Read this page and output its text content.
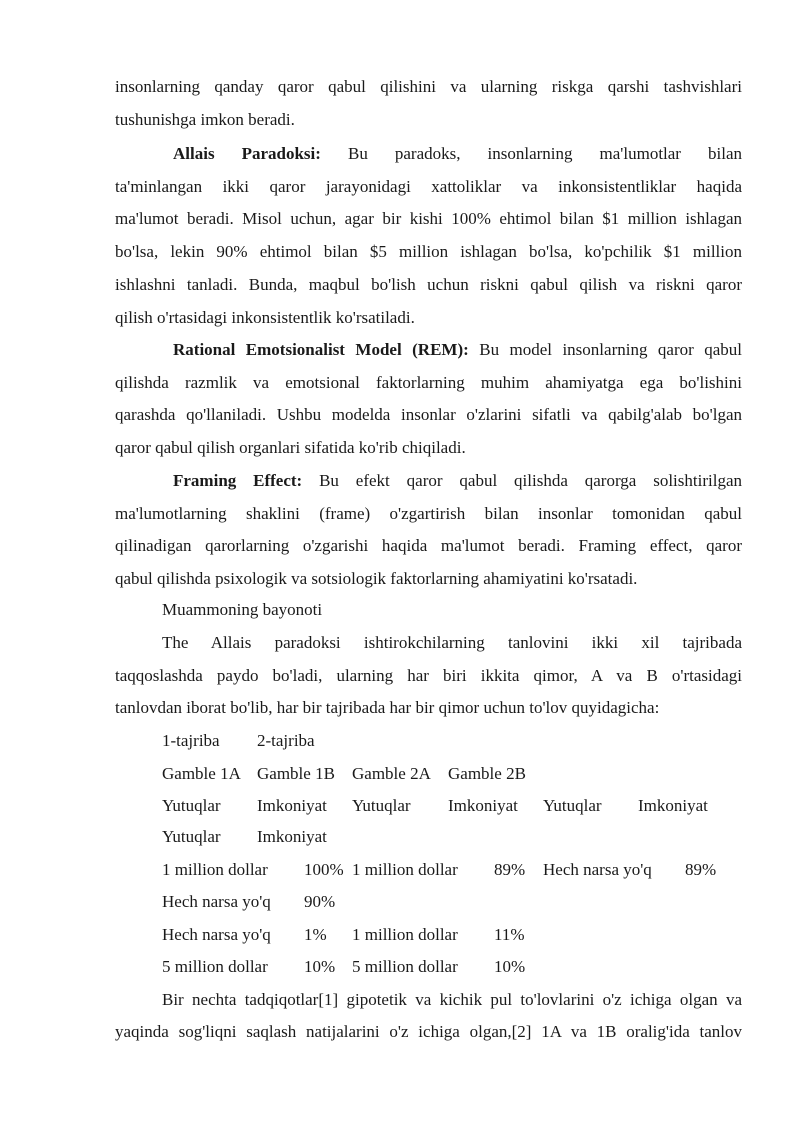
insonlarning qanday qaror qabul qilishini va ularning riskga qarshi tashvishlari
tushunishga imkon beradi.
Allais Paradoksi: Bu paradoks, insonlarning ma'lumotlar bilan
ta'minlangan ikki qaror jarayonidagi xattoliklar va inkonsistentliklar haqida
ma'lumot beradi. Misol uchun, agar bir kishi 100% ehtimol bilan $1 million ishlagan
bo'lsa, lekin 90% ehtimol bilan $5 million ishlagan bo'lsa, ko'pchilik $1 million
ishlashni tanladi. Bunda, maqbul bo'lish uchun riskni qabul qilish va riskni qaror
qilish o'rtasidagi inkonsistentlik ko'rsatiladi.
Rational Emotsionalist Model (REM): Bu model insonlarning qaror qabul
qilishda razmlik va emotsional faktorlarning muhim ahamiyatga ega bo'lishini
qarashda qo'llaniladi. Ushbu modelda insonlar o'zlarini sifatli va qabilg'alab bo'lgan
qaror qabul qilish organlari sifatida ko'rib chiqiladi.
Framing Effect: Bu efekt qaror qabul qilishda qarorga solishtirilgan
ma'lumotlarning shaklini (frame) o'zgartirish bilan insonlar tomonidan qabul
qilinadigan qarorlarning o'zgarishi haqida ma'lumot beradi. Framing effect, qaror
qabul qilishda psixologik va sotsiologik faktorlarning ahamiyatini ko'rsatadi.
Muammoning bayonoti
The Allais paradoksi ishtirokchilarning tanlovini ikki xil tajribada
taqqoslashda paydo bo'ladi, ularning har biri ikkita qimor, A va B o'rtasidagi
tanlovdan iborat bo'lib, har bir tajribada har bir qimor uchun to'lov quyidagicha:
1-tajriba 2-tajriba
Gamble 1A Gamble 1B Gamble 2A Gamble 2B
Yutuqlar Imkoniyat Yutuqlar Imkoniyat Yutuqlar Imkoniyat
Yutuqlar Imkoniyat
1 million dollar 100% 1 million dollar 89% Hech narsa yo'q 89%
Hech narsa yo'q 90%
Hech narsa yo'q 1% 1 million dollar 11%
5 million dollar 10% 5 million dollar 10%
Bir nechta tadqiqotlar[1] gipotetik va kichik pul to'lovlarini o'z ichiga olgan va
yaqinda sog'liqni saqlash natijalarini o'z ichiga olgan,[2] 1A va 1B oralig'ida tanlov
